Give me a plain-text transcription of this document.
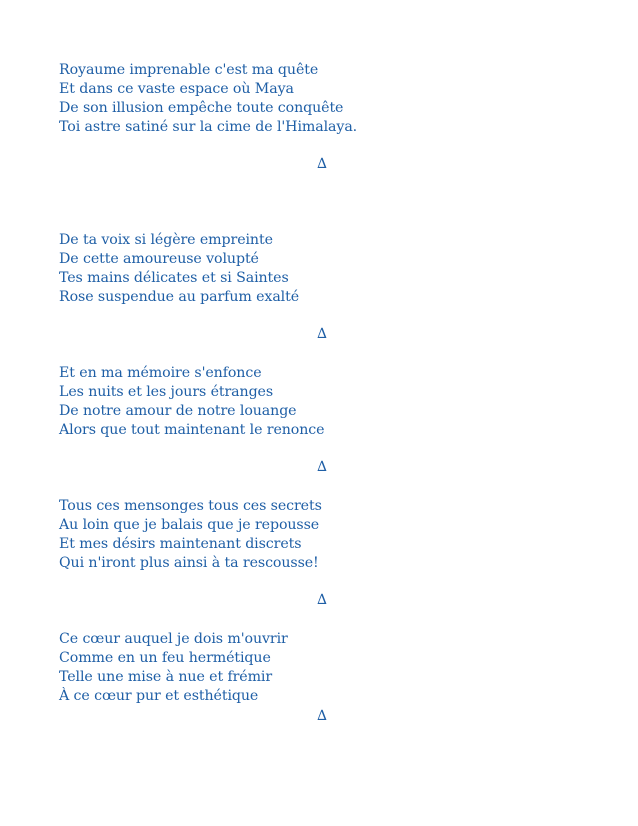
Royaume imprenable c'est ma quête
Et dans ce vaste espace où Maya
De son illusion empêche toute conquête
Toi astre satiné sur la cime de l'Himalaya.
∆
De ta voix si légère empreinte
De cette amoureuse volupté
Tes mains délicates et si Saintes
Rose suspendue au parfum exalté
∆
Et en ma mémoire s'enfonce
Les nuits et les jours étranges
De notre amour de notre louange
Alors que tout maintenant le renonce
∆
Tous ces mensonges tous ces secrets
Au loin que je balais que je repousse
Et mes désirs maintenant discrets
Qui n'iront plus ainsi à ta rescousse!
∆
Ce cœur auquel je dois m'ouvrir
Comme en un feu hermétique
Telle une mise à nue et frémir
À ce cœur pur et esthétique
∆
